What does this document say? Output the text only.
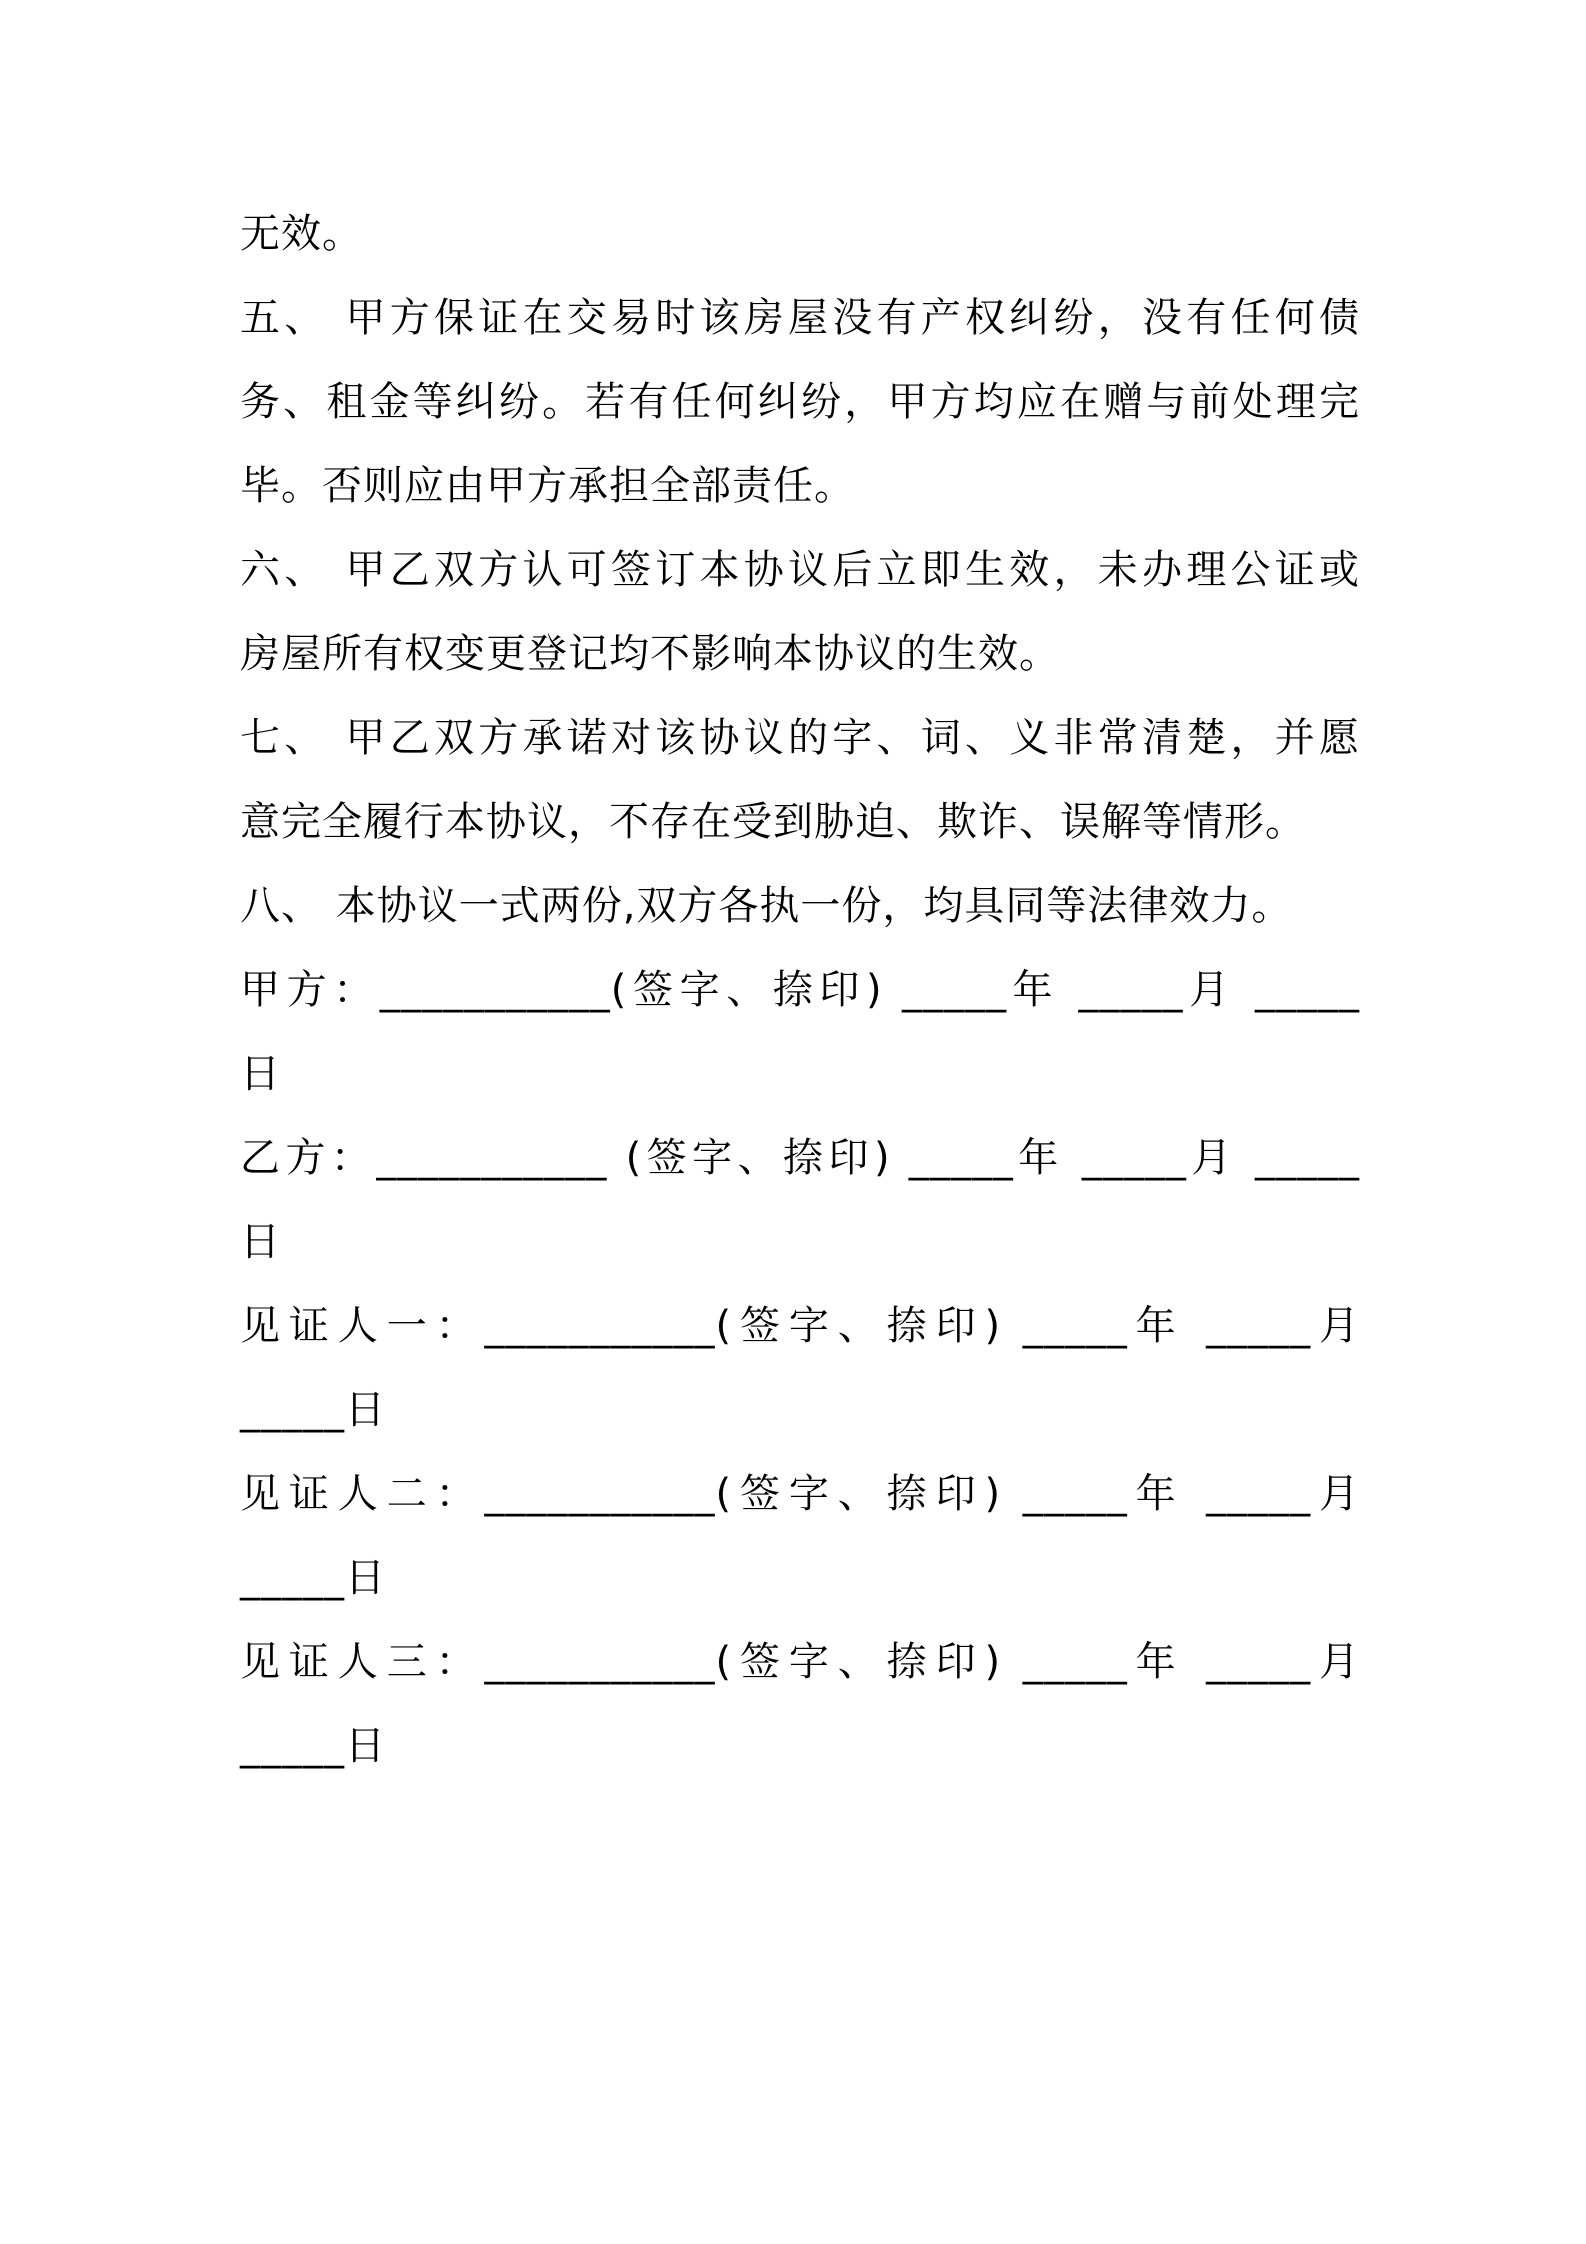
无效。
五、 甲方保证在交易时该房屋没有产权纠纷，没有任何债
务、租金等纠纷。若有任何纠纷，甲方均应在赠与前处理完
毕。否则应由甲方承担全部责任。
六、 甲乙双方认可签订本协议后立即生效，未办理公证或
房屋所有权变更登记均不影响本协议的生效。
七、 甲乙双方承诺对该协议的字、词、义非常清楚，并愿
意完全履行本协议，不存在受到胁迫、欺诈、误解等情形。
八、 本协议一式两份,双方各执一份，均具同等法律效力。
甲方：___________(签字、捺印) _____年 _____月 _____
日
乙方：___________ (签字、捺印) _____年 _____月 _____
日
见证人一：___________(签字、捺印) _____年 _____月
_____日
见证人二：___________(签字、捺印) _____年 _____月
_____日
见证人三：___________(签字、捺印) _____年 _____月
_____日
